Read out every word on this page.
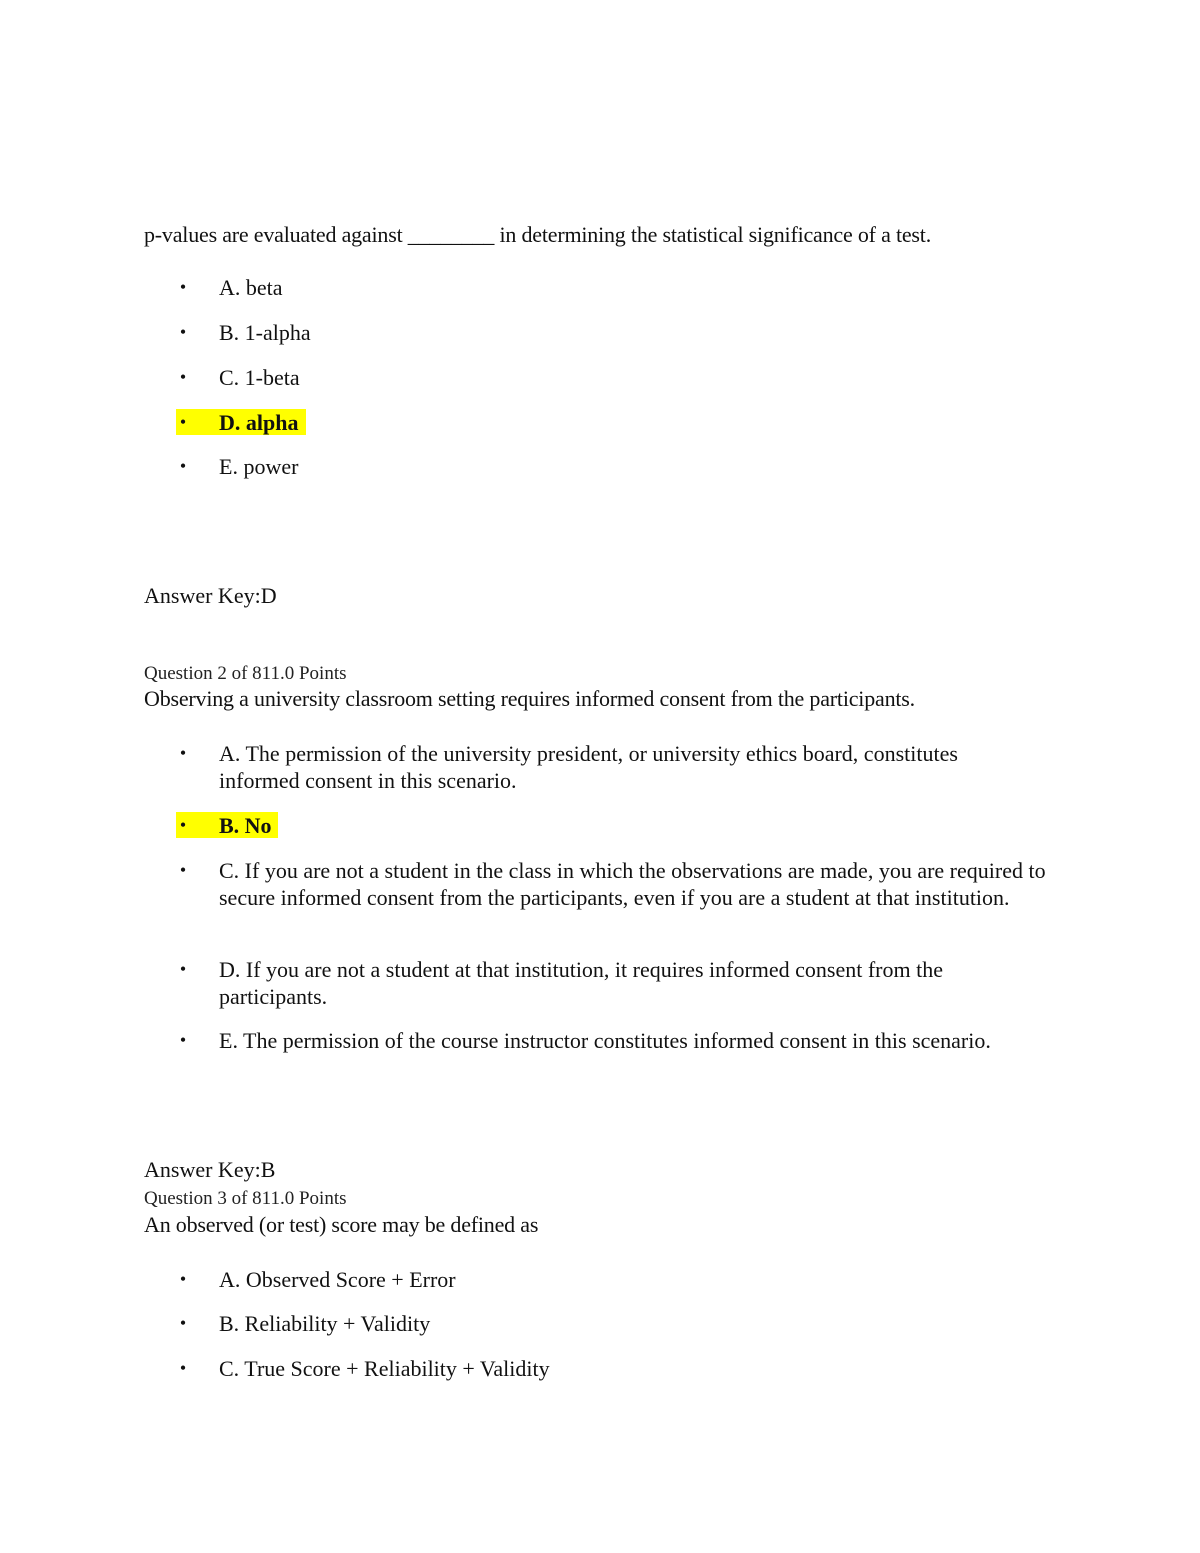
p-values are evaluated against ________ in determining the statistical significance of a test.
• A. beta
• B. 1-alpha
• C. 1-beta
• D. alpha
• E. power
Answer Key:D
Question 2 of 811.0 Points
Observing a university classroom setting requires informed consent from the participants.
• A. The permission of the university president, or university ethics board, constitutes informed consent in this scenario.
• B. No
• C. If you are not a student in the class in which the observations are made, you are required to secure informed consent from the participants, even if you are a student at that institution.
• D. If you are not a student at that institution, it requires informed consent from the participants.
• E. The permission of the course instructor constitutes informed consent in this scenario.
Answer Key:B
Question 3 of 811.0 Points
An observed (or test) score may be defined as
• A. Observed Score + Error
• B. Reliability + Validity
• C. True Score + Reliability + Validity
